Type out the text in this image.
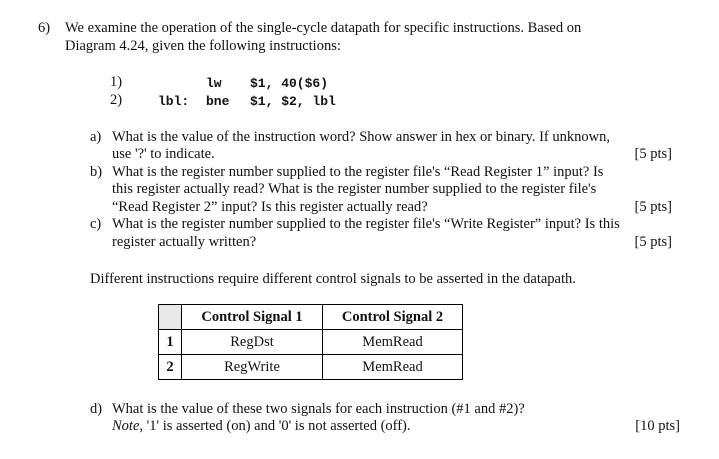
6) We examine the operation of the single-cycle datapath for specific instructions. Based on
Diagram 4.24, given the following instructions:
1)	lw $1, 40($6)
2)	lbl: bne $1, $2, lbl
a) What is the value of the instruction word? Show answer in hex or binary. If unknown,
use '?' to indicate.	[5 pts]
b) What is the register number supplied to the register file's “Read Register 1” input? Is
this register actually read? What is the register number supplied to the register file's
“Read Register 2” input? Is this register actually read?	[5 pts]
c) What is the register number supplied to the register file's “Write Register” input? Is this
register actually written?	[5 pts]
Different instructions require different control signals to be asserted in the datapath.
	Control Signal 1	Control Signal 2
1	RegDst	MemRead
2	RegWrite	MemRead
d) What is the value of these two signals for each instruction (#1 and #2)?
Note, '1' is asserted (on) and '0' is not asserted (off).	[10 pts]
